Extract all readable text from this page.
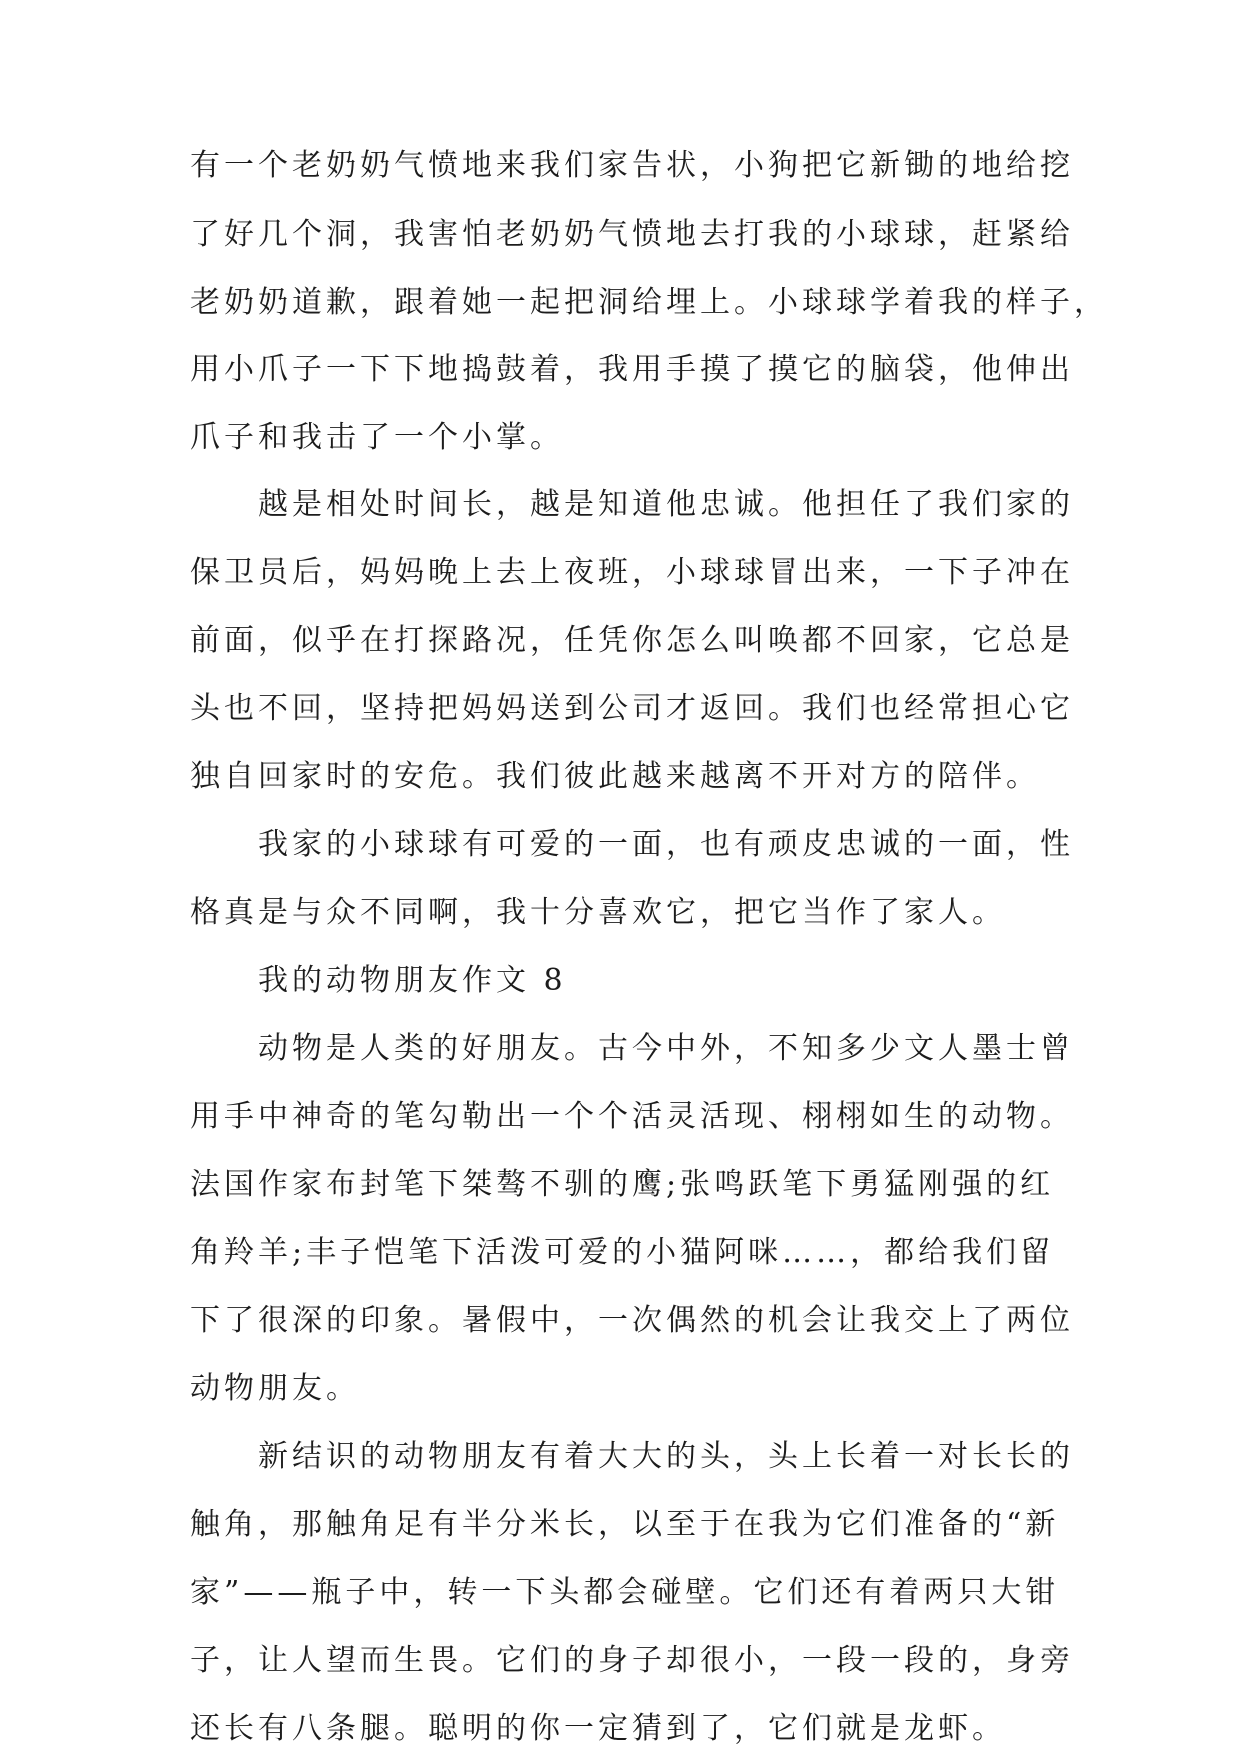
有一个老奶奶气愤地来我们家告状，小狗把它新锄的地给挖

了好几个洞，我害怕老奶奶气愤地去打我的小球球，赶紧给

老奶奶道歉，跟着她一起把洞给埋上。小球球学着我的样子，

用小爪子一下下地捣鼓着，我用手摸了摸它的脑袋，他伸出

爪子和我击了一个小掌。

越是相处时间长，越是知道他忠诚。他担任了我们家的

保卫员后，妈妈晚上去上夜班，小球球冒出来，一下子冲在

前面，似乎在打探路况，任凭你怎么叫唤都不回家，它总是

头也不回，坚持把妈妈送到公司才返回。我们也经常担心它

独自回家时的安危。我们彼此越来越离不开对方的陪伴。

我家的小球球有可爱的一面，也有顽皮忠诚的一面，性

格真是与众不同啊，我十分喜欢它，把它当作了家人。

我的动物朋友作文 8

动物是人类的好朋友。古今中外，不知多少文人墨士曾

用手中神奇的笔勾勒出一个个活灵活现、栩栩如生的动物。

法国作家布封笔下桀骜不驯的鹰;张鸣跃笔下勇猛刚强的红

角羚羊;丰子恺笔下活泼可爱的小猫阿咪……，都给我们留

下了很深的印象。暑假中，一次偶然的机会让我交上了两位

动物朋友。

新结识的动物朋友有着大大的头，头上长着一对长长的

触角，那触角足有半分米长，以至于在我为它们准备的“新

家”——瓶子中，转一下头都会碰壁。它们还有着两只大钳

子，让人望而生畏。它们的身子却很小，一段一段的，身旁

还长有八条腿。聪明的你一定猜到了，它们就是龙虾。
